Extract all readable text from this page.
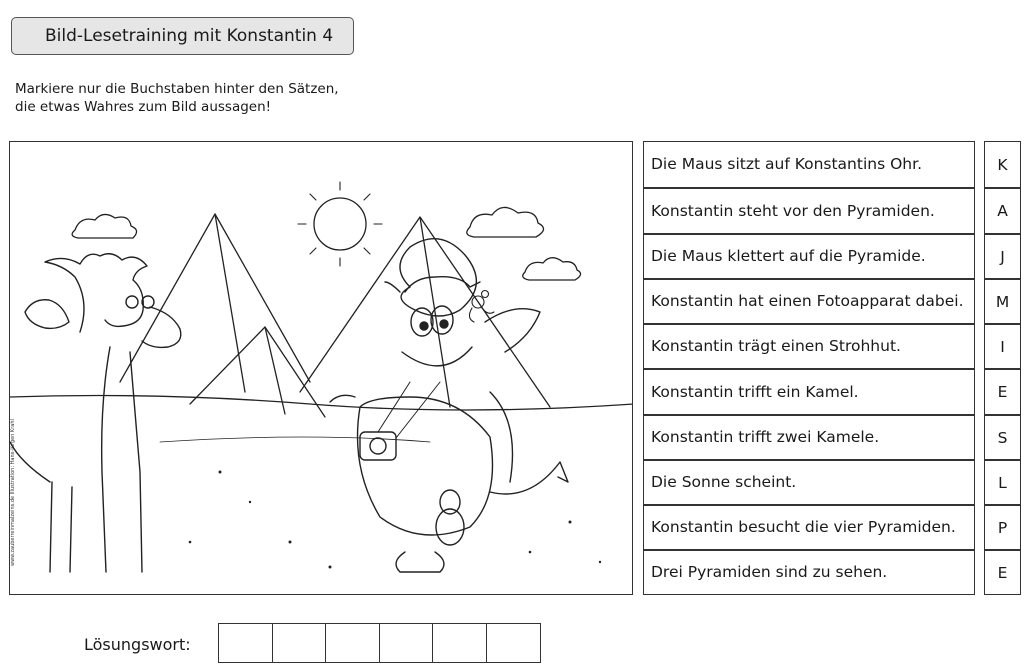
Bild-Lesetraining mit Konstantin 4
Markiere nur die Buchstaben hinter den Sätzen,
die etwas Wahres zum Bild aussagen!
www.zauberreinmalzeins.de Illustration: Hans-Jürgen Krahl
Die Maus sitzt auf Konstantins Ohr.	K
Konstantin steht vor den Pyramiden.	A
Die Maus klettert auf die Pyramide.	J
Konstantin hat einen Fotoapparat dabei.	M
Konstantin trägt einen Strohhut.	I
Konstantin trifft ein Kamel.	E
Konstantin trifft zwei Kamele.	S
Die Sonne scheint.	L
Konstantin besucht die vier Pyramiden.	P
Drei Pyramiden sind zu sehen.	E
Lösungswort:
